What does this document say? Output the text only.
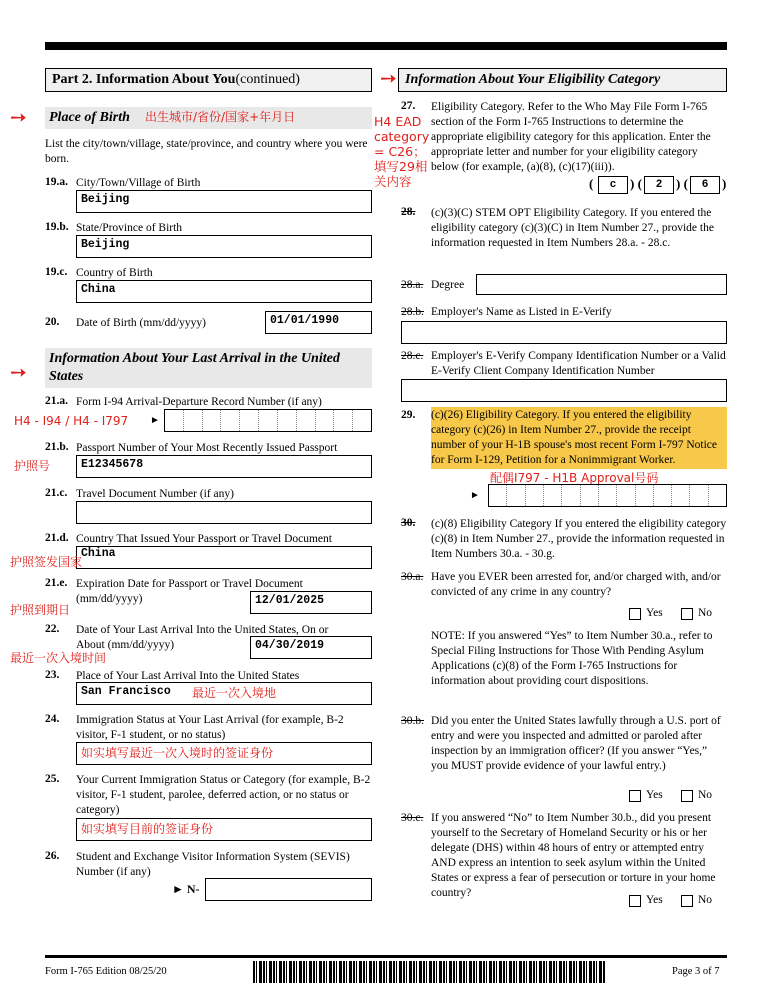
Part 2. Information About You (continued)	➙ Information About Your Eligibility Category
➙ Place of Birth	出生城市/省份/国家+年月日
List the city/town/village, state/province, and country where you were born.
19.a. City/Town/Village of Birth
Beijing
19.b. State/Province of Birth
Beijing
19.c. Country of Birth
China
20. Date of Birth (mm/dd/yyyy)	01/01/1990
➙
Information About Your Last Arrival in the United States
21.a. Form I-94 Arrival-Departure Record Number (if any)
H4 - I94 / H4 - I797 ►
21.b. Passport Number of Your Most Recently Issued Passport
护照号	E12345678
21.c. Travel Document Number (if any)
21.d. Country That Issued Your Passport or Travel Document
China
护照签发国家
21.e. Expiration Date for Passport or Travel Document
(mm/dd/yyyy)
护照到期日
12/01/2025
22. Date of Your Last Arrival Into the United States, On or
About (mm/dd/yyyy)
最近一次入境时间
04/30/2019
23. Place of Your Last Arrival Into the United States
San Francisco	最近一次入境地
24. Immigration Status at Your Last Arrival (for example, B-2 visitor, F-1 student, or no status)
如实填写最近一次入境时的签证身份
25. Your Current Immigration Status or Category (for example, B-2 visitor, F-1 student, parolee, deferred action, or no status or category)
如实填写目前的签证身份
26. Student and Exchange Visitor Information System (SEVIS) Number (if any)
► N-
27. Eligibility Category. Refer to the Who May File Form I-765 section of the Form I-765 Instructions to determine the appropriate eligibility category for this application. Enter the appropriate letter and number for your eligibility category below (for example, (a)(8), (c)(17)(iii)).
H4 EAD category = C26；填写29相关内容	(	c	) (	2	) (	6	)
28. (c)(3)(C) STEM OPT Eligibility Category. If you entered the eligibility category (c)(3)(C) in Item Number 27., provide the information requested in Item Numbers 28.a. - 28.c.
28.a. Degree
28.b. Employer's Name as Listed in E-Verify
28.c. Employer's E-Verify Company Identification Number or a Valid E-Verify Client Company Identification Number
29. (c)(26) Eligibility Category. If you entered the eligibility category (c)(26) in Item Number 27., provide the receipt number of your H-1B spouse's most recent Form I-797 Notice for Form I-129, Petition for a Nonimmigrant Worker.
配偶I797 - H1B Approval号码
►
30. (c)(8) Eligibility Category If you entered the eligibility category (c)(8) in Item Number 27., provide the information requested in Item Numbers 30.a. - 30.g.
30.a. Have you EVER been arrested for, and/or charged with, and/or convicted of any crime in any country?
Yes	No
NOTE: If you answered “Yes” to Item Number 30.a., refer to Special Filing Instructions for Those With Pending Asylum Applications (c)(8) of the Form I-765 Instructions for information about providing court dispositions.
30.b. Did you enter the United States lawfully through a U.S. port of entry and were you inspected and admitted or paroled after inspection by an immigration officer? (If you answer “Yes,” you MUST provide evidence of your lawful entry.)
Yes	No
30.c. If you answered “No” to Item Number 30.b., did you present yourself to the Secretary of Homeland Security or his or her delegate (DHS) within 48 hours of entry or attempted entry AND express an intention to seek asylum within the United States or express a fear of persecution or torture in your home country?
Yes	No
Form I-765 Edition 08/25/20	Page 3 of 7
